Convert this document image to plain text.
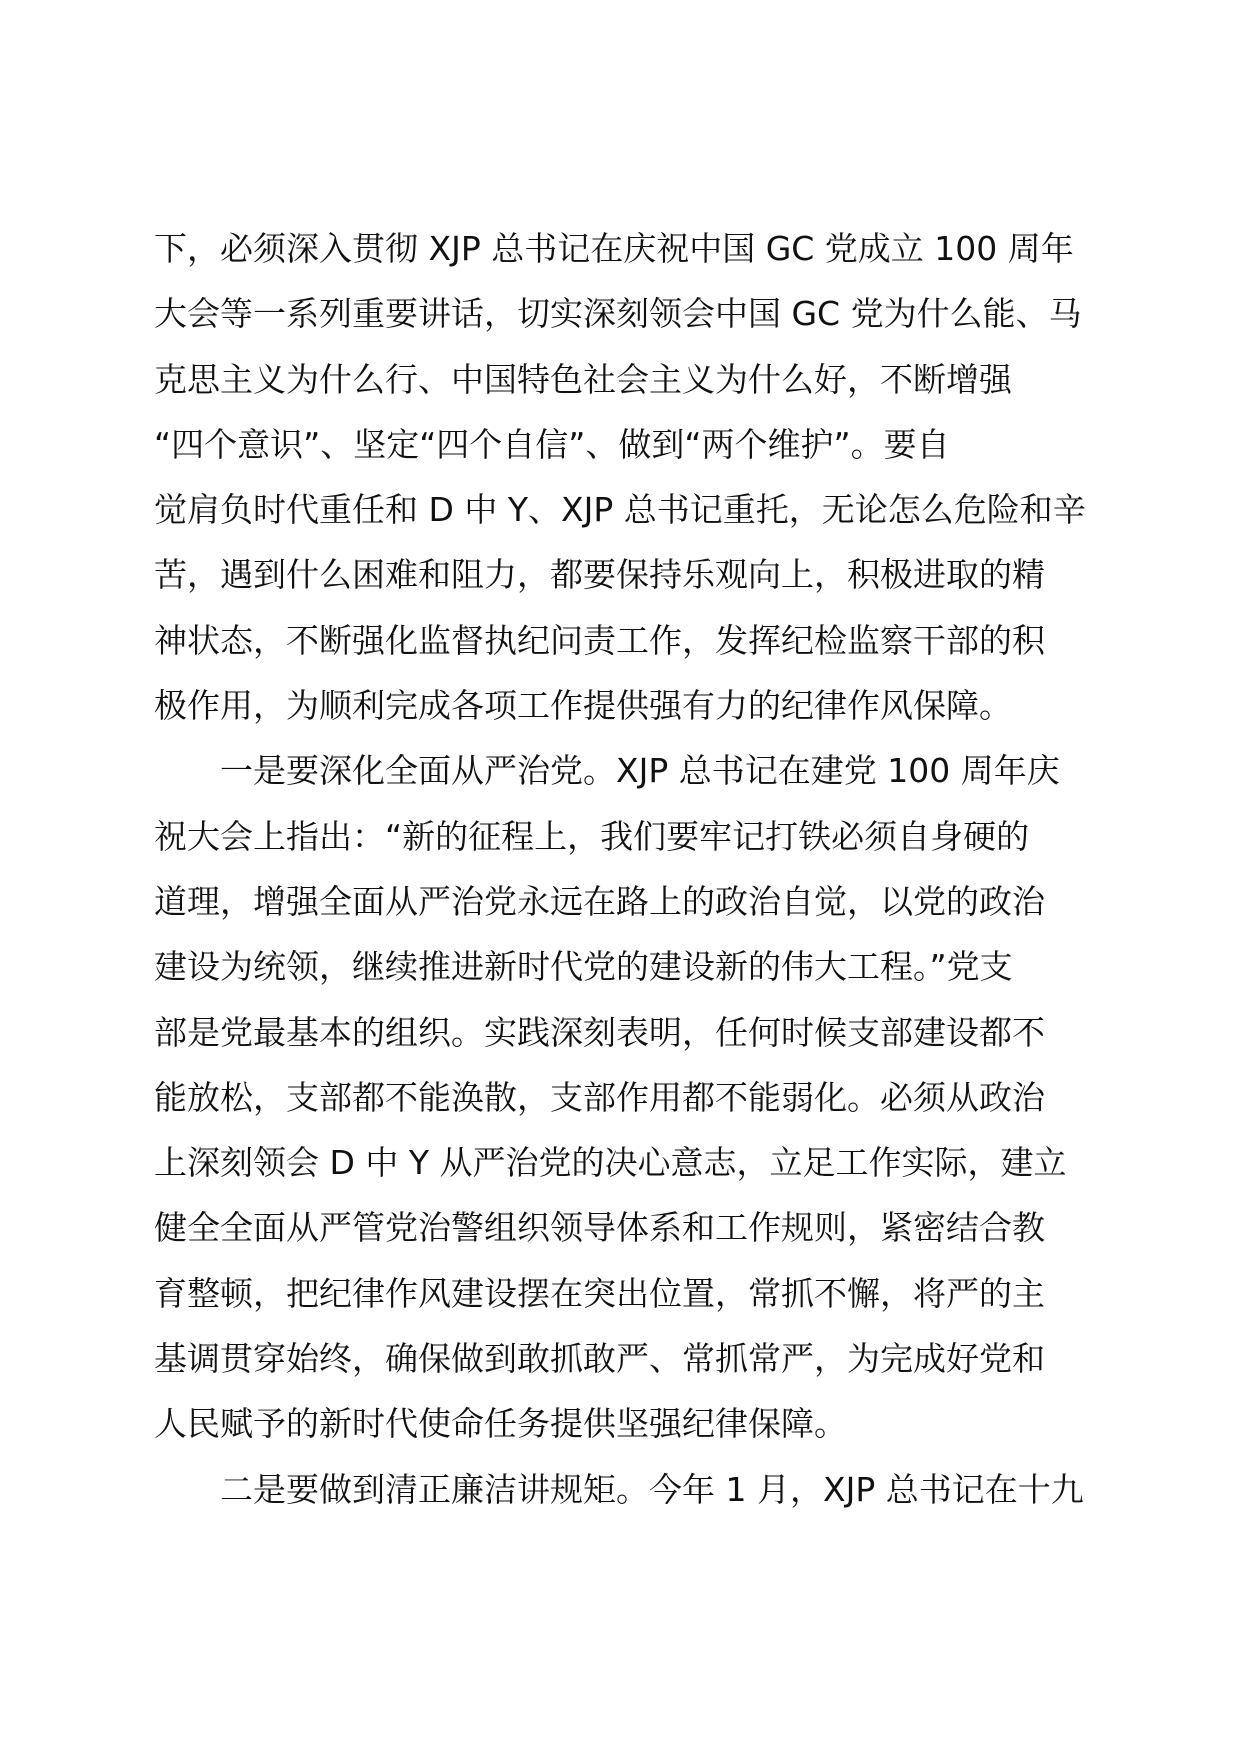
下，必须深入贯彻 XJP 总书记在庆祝中国 GC 党成立 100 周年
大会等一系列重要讲话，切实深刻领会中国 GC 党为什么能、马
克思主义为什么行、中国特色社会主义为什么好，不断增强
“四个意识”、坚定“四个自信”、做到“两个维护”。要自
觉肩负时代重任和 D 中 Y、XJP 总书记重托，无论怎么危险和辛
苦，遇到什么困难和阻力，都要保持乐观向上，积极进取的精
神状态，不断强化监督执纪问责工作，发挥纪检监察干部的积
极作用，为顺利完成各项工作提供强有力的纪律作风保障。
一是要深化全面从严治党。XJP 总书记在建党 100 周年庆
祝大会上指出：“新的征程上，我们要牢记打铁必须自身硬的
道理，增强全面从严治党永远在路上的政治自觉，以党的政治
建设为统领，继续推进新时代党的建设新的伟大工程。”党支
部是党最基本的组织。实践深刻表明，任何时候支部建设都不
能放松，支部都不能涣散，支部作用都不能弱化。必须从政治
上深刻领会 D 中 Y 从严治党的决心意志，立足工作实际，建立
健全全面从严管党治警组织领导体系和工作规则，紧密结合教
育整顿，把纪律作风建设摆在突出位置，常抓不懈，将严的主
基调贯穿始终，确保做到敢抓敢严、常抓常严，为完成好党和
人民赋予的新时代使命任务提供坚强纪律保障。
二是要做到清正廉洁讲规矩。今年 1 月，XJP 总书记在十九
